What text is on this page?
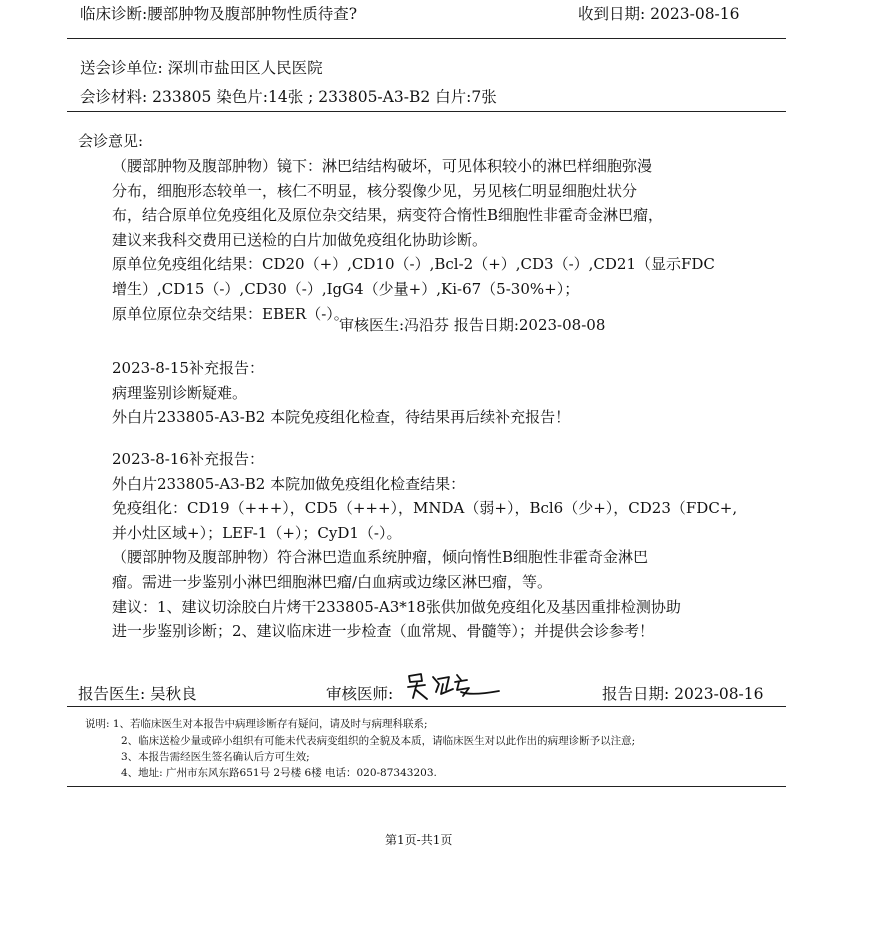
临床诊断:腰部肿物及腹部肿物性质待查?	收到日期: 2023-08-16
送会诊单位: 深圳市盐田区人民医院
会诊材料: 233805 染色片:14张 ; 233805-A3-B2 白片:7张
会诊意见:
（腰部肿物及腹部肿物）镜下：淋巴结结构破坏，可见体积较小的淋巴样细胞弥漫
分布，细胞形态较单一，核仁不明显，核分裂像少见，另见核仁明显细胞灶状分
布，结合原单位免疫组化及原位杂交结果，病变符合惰性B细胞性非霍奇金淋巴瘤，
建议来我科交费用已送检的白片加做免疫组化协助诊断。
原单位免疫组化结果：CD20（+）,CD10（-）,Bcl-2（+）,CD3（-）,CD21（显示FDC
增生）,CD15（-）,CD30（-）,IgG4（少量+）,Ki-67（5-30%+）；
原单位原位杂交结果：EBER（-）。
审核医生:冯沿芬 报告日期:2023-08-08
2023-8-15补充报告：
病理鉴别诊断疑难。
外白片233805-A3-B2 本院免疫组化检查，待结果再后续补充报告！
2023-8-16补充报告：
外白片233805-A3-B2 本院加做免疫组化检查结果：
免疫组化：CD19（+++），CD5（+++），MNDA（弱+），Bcl6（少+），CD23（FDC+,
并小灶区域+）；LEF-1（+）；CyD1（-）。
（腰部肿物及腹部肿物）符合淋巴造血系统肿瘤，倾向惰性B细胞性非霍奇金淋巴
瘤。需进一步鉴别小淋巴细胞淋巴瘤/白血病或边缘区淋巴瘤，等。
建议：1、建议切涂胶白片烤干233805-A3*18张供加做免疫组化及基因重排检测协助
进一步鉴别诊断；2、建议临床进一步检查（血常规、骨髓等）；并提供会诊参考！
报告医生: 吴秋良	审核医师:	报告日期: 2023-08-16
说明: 1、若临床医生对本报告中病理诊断存有疑问，请及时与病理科联系;
2、临床送检少量或碎小组织有可能未代表病变组织的全貌及本质，请临床医生对以此作出的病理诊断予以注意;
3、本报告需经医生签名确认后方可生效;
4、地址: 广州市东风东路651号 2号楼 6楼 电话：020-87343203.
第1页-共1页
